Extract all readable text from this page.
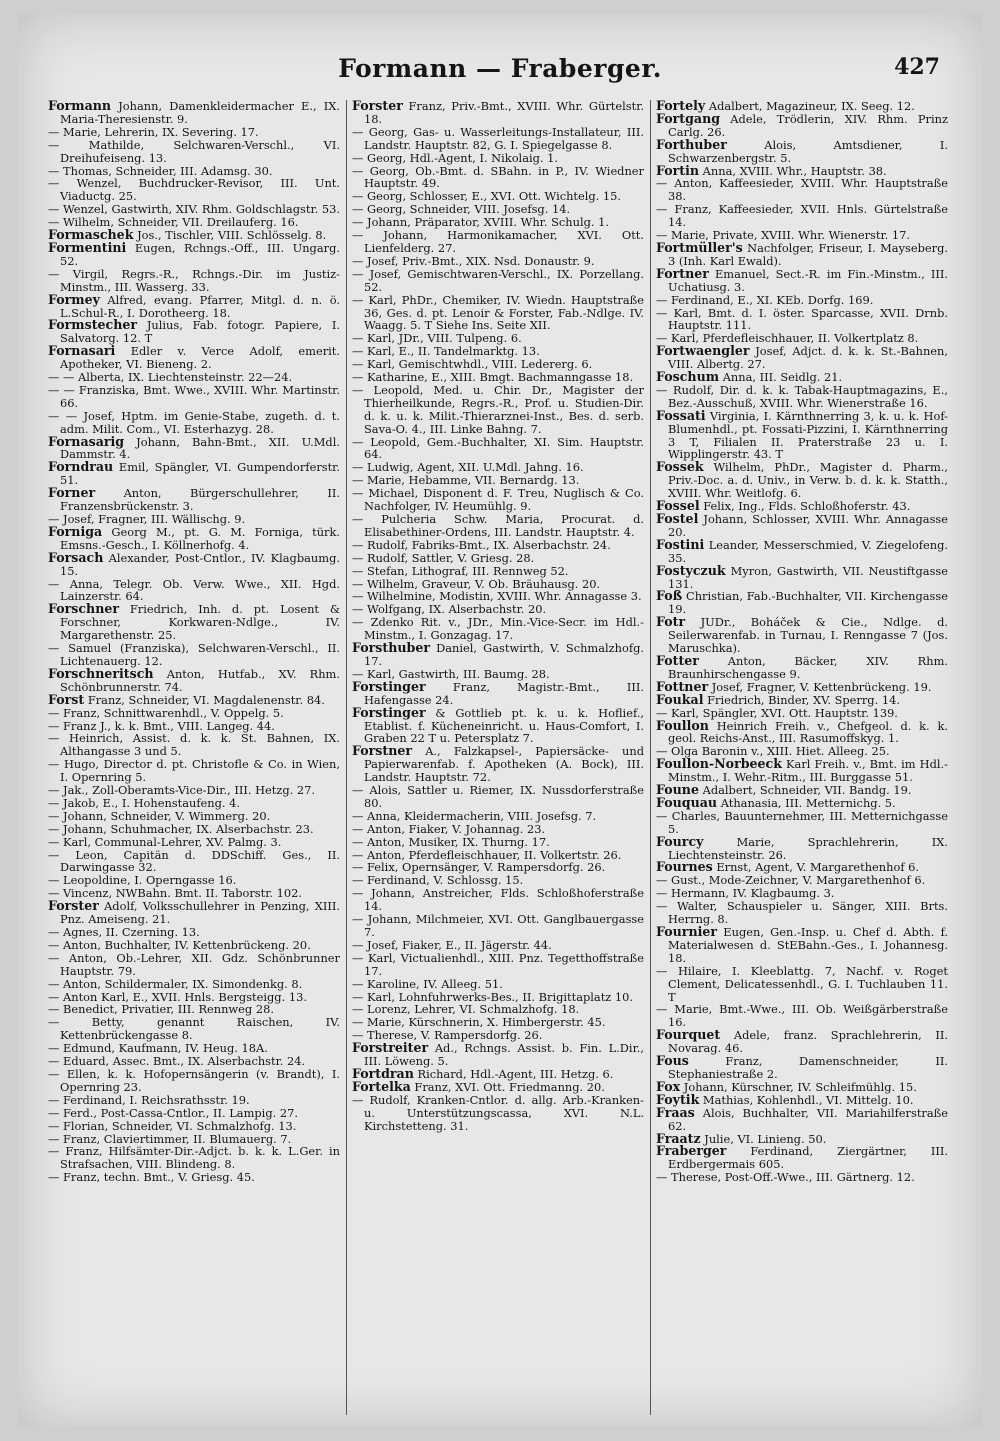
Formann — Fraberger.	427

Formann Johann, Damenkleidermacher E., IX. Maria-Theresienstr. 9.

— Marie, Lehrerin, IX. Severing. 17.

— Mathilde, Selchwaren-Verschl., VI. Dreihufeiseng. 13.

— Thomas, Schneider, III. Adamsg. 30.

— Wenzel, Buchdrucker-Revisor, III. Unt. Viaductg. 25.

— Wenzel, Gastwirth, XIV. Rhm. Goldschlagstr. 53.

— Wilhelm, Schneider, VII. Dreilauferg. 16.

Formaschek Jos., Tischler, VIII. Schlösselg. 8.

Formentini Eugen, Rchngs.-Off., III. Ungarg. 52.

— Virgil, Regrs.-R., Rchngs.-Dir. im Justiz-Minstm., III. Wasserg. 33.

Formey Alfred, evang. Pfarrer, Mitgl. d. n. ö. L.Schul-R., I. Dorotheerg. 18.

Formstecher Julius, Fab. fotogr. Papiere, I. Salvatorg. 12. T

Fornasari Edler v. Verce Adolf, emerit. Apotheker, VI. Bieneng. 2.

— — Alberta, IX. Liechtensteinstr. 22—24.

— — Franziska, Bmt. Wwe., XVIII. Whr. Martinstr. 66.

— — Josef, Hptm. im Genie-Stabe, zugeth. d. t. adm. Milit. Com., VI. Esterhazyg. 28.

Fornasarig Johann, Bahn-Bmt., XII. U.Mdl. Dammstr. 4.

Forndrau Emil, Spängler, VI. Gumpendorferstr. 51.

Forner Anton, Bürgerschullehrer, II. Franzensbrückenstr. 3.

— Josef, Fragner, III. Wällischg. 9.

Forniga Georg M., pt. G. M. Forniga, türk. Emsns.-Gesch., I. Köllnerhofg. 4.

Forsach Alexander, Post-Cntlor., IV. Klagbaumg. 15.

— Anna, Telegr. Ob. Verw. Wwe., XII. Hgd. Lainzerstr. 64.

Forschner Friedrich, Inh. d. pt. Losent & Forschner, Korkwaren-Ndlge., IV. Margarethenstr. 25.

— Samuel (Franziska), Selchwaren-Verschl., II. Lichtenauerg. 12.

Forschneritsch Anton, Hutfab., XV. Rhm. Schönbrunnerstr. 74.

Forst Franz, Schneider, VI. Magdalenenstr. 84.

— Franz, Schnittwarenhdl., V. Oppelg. 5.

— Franz J., k. k. Bmt., VIII. Langeg. 44.

— Heinrich, Assist. d. k. k. St. Bahnen, IX. Althangasse 3 und 5.

— Hugo, Director d. pt. Christofle & Co. in Wien, I. Opernring 5.

— Jak., Zoll-Oberamts-Vice-Dir., III. Hetzg. 27.

— Jakob, E., I. Hohenstaufeng. 4.

— Johann, Schneider, V. Wimmerg. 20.

— Johann, Schuhmacher, IX. Alserbachstr. 23.

— Karl, Communal-Lehrer, XV. Palmg. 3.

— Leon, Capitän d. DDSchiff. Ges., II. Darwingasse 32.

— Leopoldine, I. Operngasse 16.

— Vincenz, NWBahn. Bmt. II. Taborstr. 102.

Forster Adolf, Volksschullehrer in Penzing, XIII. Pnz. Ameiseng. 21.

— Agnes, II. Czerning. 13.

— Anton, Buchhalter, IV. Kettenbrückeng. 20.

— Anton, Ob.-Lehrer, XII. Gdz. Schönbrunner Hauptstr. 79.

— Anton, Schildermaler, IX. Simondenkg. 8.

— Anton Karl, E., XVII. Hnls. Bergsteigg. 13.

— Benedict, Privatier, III. Rennweg 28.

— Betty, genannt Raischen, IV. Kettenbrückengasse 8.

— Edmund, Kaufmann, IV. Heug. 18A.

— Eduard, Assec. Bmt., IX. Alserbachstr. 24.

— Ellen, k. k. Hofopernsängerin (v. Brandt), I. Opernring 23.

— Ferdinand, I. Reichsrathsstr. 19.

— Ferd., Post-Cassa-Cntlor., II. Lampig. 27.

— Florian, Schneider, VI. Schmalzhofg. 13.

— Franz, Claviertimmer, II. Blumauerg. 7.

— Franz, Hilfsämter-Dir.-Adjct. b. k. k. L.Ger. in Strafsachen, VIII. Blindeng. 8.

— Franz, techn. Bmt., V. Griesg. 45.

Forster Franz, Priv.-Bmt., XVIII. Whr. Gürtelstr. 18.

— Georg, Gas- u. Wasserleitungs-Installateur, III. Landstr. Hauptstr. 82, G. I. Spiegelgasse 8.

— Georg, Hdl.-Agent, I. Nikolaig. 1.

— Georg, Ob.-Bmt. d. SBahn. in P., IV. Wiedner Hauptstr. 49.

— Georg, Schlosser, E., XVI. Ott. Wichtelg. 15.

— Georg, Schneider, VIII. Josefsg. 14.

— Johann, Präparator, XVIII. Whr. Schulg. 1.

— Johann, Harmonikamacher, XVI. Ott. Lienfelderg. 27.

— Josef, Priv.-Bmt., XIX. Nsd. Donaustr. 9.

— Josef, Gemischtwaren-Verschl., IX. Porzellang. 52.

— Karl, PhDr., Chemiker, IV. Wiedn. Hauptstraße 36, Ges. d. pt. Lenoir & Forster, Fab.-Ndlge. IV. Waagg. 5. T Siehe Ins. Seite XII.

— Karl, JDr., VIII. Tulpeng. 6.

— Karl, E., II. Tandelmarktg. 13.

— Karl, Gemischtwhdl., VIII. Ledererg. 6.

— Katharine, E., XIII. Bmgt. Bachmanngasse 18.

— Leopold, Med. u. Chir. Dr., Magister der Thierheilkunde, Regrs.-R., Prof. u. Studien-Dir. d. k. u. k. Milit.-Thierarznei-Inst., Bes. d. serb. Sava-O. 4., III. Linke Bahng. 7.

— Leopold, Gem.-Buchhalter, XI. Sim. Hauptstr. 64.

— Ludwig, Agent, XII. U.Mdl. Jahng. 16.

— Marie, Hebamme, VII. Bernardg. 13.

— Michael, Disponent d. F. Treu, Nuglisch & Co. Nachfolger, IV. Heumühlg. 9.

— Pulcheria Schw. Maria, Procurat. d. Elisabethiner-Ordens, III. Landstr. Hauptstr. 4.

— Rudolf, Fabriks-Bmt., IX. Alserbachstr. 24.

— Rudolf, Sattler, V. Griesg. 28.

— Stefan, Lithograf, III. Rennweg 52.

— Wilhelm, Graveur, V. Ob. Bräuhausg. 20.

— Wilhelmine, Modistin, XVIII. Whr. Annagasse 3.

— Wolfgang, IX. Alserbachstr. 20.

— Zdenko Rit. v., JDr., Min.-Vice-Secr. im Hdl.-Minstm., I. Gonzagag. 17.

Forsthuber Daniel, Gastwirth, V. Schmalzhofg. 17.

— Karl, Gastwirth, III. Baumg. 28.

Forstinger Franz, Magistr.-Bmt., III. Hafengasse 24.

Forstinger & Gottlieb pt. k. u. k. Hoflief., Etablist. f. Kücheneinricht. u. Haus-Comfort, I. Graben 22 T u. Petersplatz 7.

Forstner A., Falzkapsel-, Papiersäcke- und Papierwarenfab. f. Apotheken (A. Bock), III. Landstr. Hauptstr. 72.

— Alois, Sattler u. Riemer, IX. Nussdorferstraße 80.

— Anna, Kleidermacherin, VIII. Josefsg. 7.

— Anton, Fiaker, V. Johannag. 23.

— Anton, Musiker, IX. Thurng. 17.

— Anton, Pferdefleischhauer, II. Volkertstr. 26.

— Felix, Opernsänger, V. Rampersdorfg. 26.

— Ferdinand, V. Schlossg. 15.

— Johann, Anstreicher, Flds. Schloßhoferstraße 14.

— Johann, Milchmeier, XVI. Ott. Ganglbauergasse 7.

— Josef, Fiaker, E., II. Jägerstr. 44.

— Karl, Victualienhdl., XIII. Pnz. Tegetthoffstraße 17.

— Karoline, IV. Alleeg. 51.

— Karl, Lohnfuhrwerks-Bes., II. Brigittaplatz 10.

— Lorenz, Lehrer, VI. Schmalzhofg. 18.

— Marie, Kürschnerin, X. Himbergerstr. 45.

— Therese, V. Rampersdorfg. 26.

Forstreiter Ad., Rchngs. Assist. b. Fin. L.Dir., III. Löweng. 5.

Fortdran Richard, Hdl.-Agent, III. Hetzg. 6.

Fortelka Franz, XVI. Ott. Friedmanng. 20.

— Rudolf, Kranken-Cntlor. d. allg. Arb.-Kranken- u. Unterstützungscassa, XVI. N.L. Kirchstetteng. 31.

Fortely Adalbert, Magazineur, IX. Seeg. 12.

Fortgang Adele, Trödlerin, XIV. Rhm. Prinz Carlg. 26.

Forthuber	Alois, Amtsdiener, I. Schwarzenbergstr. 5.

Fortin Anna, XVIII. Whr., Hauptstr. 38.

— Anton, Kaffeesieder, XVIII. Whr. Hauptstraße 38.

— Franz, Kaffeesieder, XVII. Hnls. Gürtelstraße 14.

— Marie, Private, XVIII. Whr. Wienerstr. 17.

Fortmüller's Nachfolger, Friseur, I. Mayseberg. 3 (Inh. Karl Ewald).

Fortner Emanuel, Sect.-R. im Fin.-Minstm., III. Uchatiusg. 3.

— Ferdinand, E., XI. KEb. Dorfg. 169.

— Karl, Bmt. d. I. öster. Sparcasse, XVII. Drnb. Hauptstr. 111.

— Karl, Pferdefleischhauer, II. Volkertplatz 8.

Fortwaengler Josef, Adjct. d. k. k. St.-Bahnen, VIII. Albertg. 27.

Foschum Anna, III. Seidlg. 21.

— Rudolf, Dir. d. k. k. Tabak-Hauptmagazins, E., Bez.-Ausschuß, XVIII. Whr. Wienerstraße 16.

Fossati Virginia, I. Kärnthnerring 3, k. u. k. Hof-Blumenhdl., pt. Fossati-Pizzini, I. Kärnthnerring 3 T, Filialen II. Praterstraße 23 u. I. Wipplingerstr. 43. T

Fossek Wilhelm, PhDr., Magister d. Pharm., Priv.-Doc. a. d. Univ., in Verw. b. d. k. k. Statth., XVIII. Whr. Weitlofg. 6.

Fossel Felix, Ing., Flds. Schloßhoferstr. 43.

Fostel Johann, Schlosser, XVIII. Whr. Annagasse 20.

Fostini Leander, Messerschmied, V. Ziegelofeng. 35.

Fostyczuk Myron, Gastwirth, VII. Neustiftgasse 131.

Foß Christian, Fab.-Buchhalter, VII. Kirchengasse 19.

Fotr JUDr., Boháček & Cie., Ndlge. d. Seilerwarenfab. in Turnau, I. Renngasse 7 (Jos. Maruschka).

Fotter	Anton, Bäcker, XIV. Rhm. Braunhirschengasse 9.

Fottner Josef, Fragner, V. Kettenbrückeng. 19.

Foukal Friedrich, Binder, XV. Sperrg. 14.

— Karl, Spängler, XVI. Ott. Hauptstr. 139.

Foullon Heinrich Freih. v., Chefgeol. d. k. k. geol. Reichs-Anst., III. Rasumoffskyg. 1.

— Olga Baronin v., XIII. Hiet. Alleeg. 25.

Foullon-Norbeeck Karl Freih. v., Bmt. im Hdl.-Minstm., I. Wehr.-Ritm., III. Burggasse 51.

Foune Adalbert, Schneider, VII. Bandg. 19.

Fouquau Athanasia, III. Metternichg. 5.

— Charles, Bauunternehmer, III. Metternichgasse 5.

Fourcy	Marie, Sprachlehrerin, IX. Liechtensteinstr. 26.

Fournes Ernst, Agent, V. Margarethenhof 6.

— Gust., Mode-Zeichner, V. Margarethenhof 6.

— Hermann, IV. Klagbaumg. 3.

— Walter, Schauspieler u. Sänger, XIII. Brts. Herrng. 8.

Fournier Eugen, Gen.-Insp. u. Chef d. Abth. f. Materialwesen d. StEBahn.-Ges., I. Johannesg. 18.

— Hilaire, I. Kleeblattg. 7, Nachf. v. Roget Clement, Delicatessenhdl., G. I. Tuchlauben 11. T

— Marie, Bmt.-Wwe., III. Ob. Weißgärberstraße 16.

Fourquet Adele, franz. Sprachlehrerin, II. Novarag. 46.

Fous	Franz, Damenschneider, II. Stephaniestraße 2.

Fox Johann, Kürschner, IV. Schleifmühlg. 15.

Foytik Mathias, Kohlenhdl., VI. Mittelg. 10.

Fraas Alois, Buchhalter, VII. Mariahilferstraße 62.

Fraatz Julie, VI. Linieng. 50.

Fraberger Ferdinand, Ziergärtner, III. Erdbergermais 605.

— Therese, Post-Off.-Wwe., III. Gärtnerg. 12.
